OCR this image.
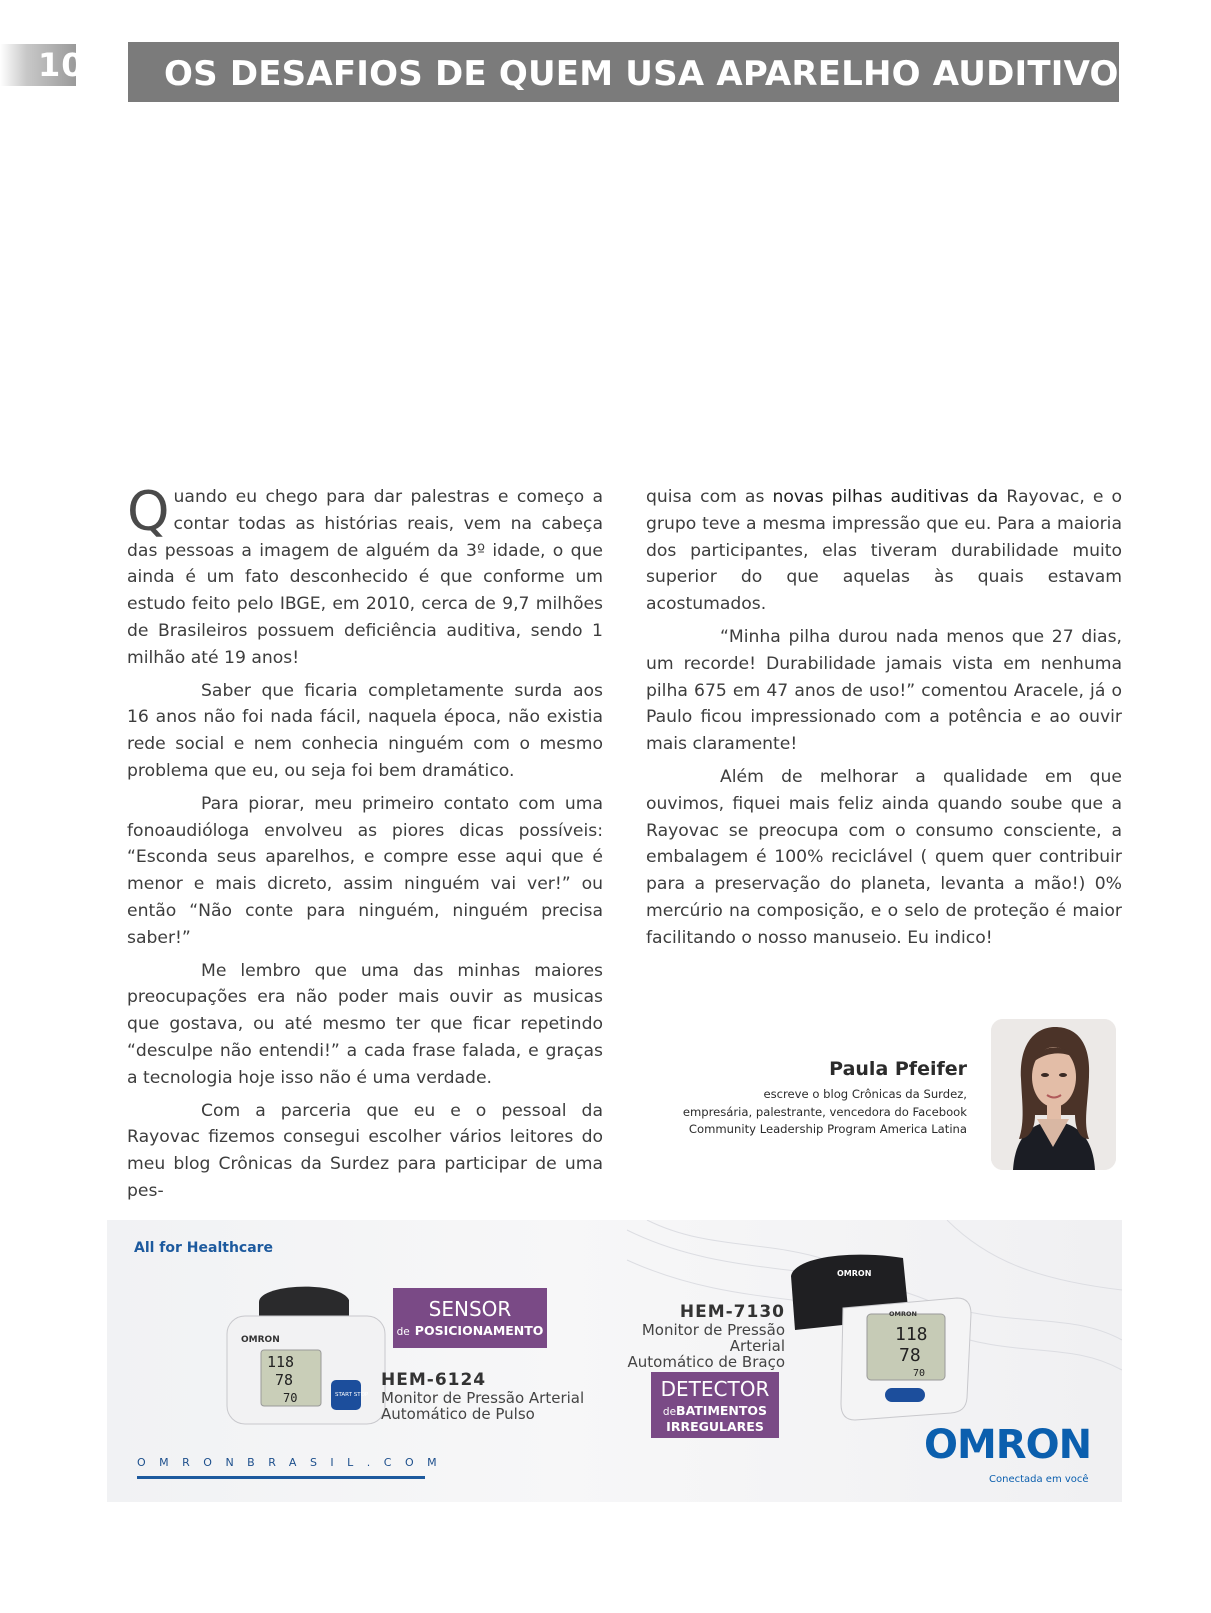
10 OS DESAFIOS DE QUEM USA APARELHO AUDITIVO

Quando eu chego para dar palestras e começo a contar todas as histórias reais, vem na cabeça das pessoas a imagem de alguém da 3º idade, o que ainda é um fato desconhecido é que conforme um estudo feito pelo IBGE, em 2010, cerca de 9,7 milhões de Brasileiros possuem deficiência auditiva, sendo 1 milhão até 19 anos!

Saber que ficaria completamente surda aos 16 anos não foi nada fácil, naquela época, não existia rede social e nem conhecia ninguém com o mesmo problema que eu, ou seja foi bem dramático.

Para piorar, meu primeiro contato com uma fonoaudióloga envolveu as piores dicas possíveis: “Esconda seus aparelhos, e compre esse aqui que é menor e mais dicreto, assim ninguém vai ver!” ou então “Não conte para ninguém, ninguém precisa saber!”

Me lembro que uma das minhas maiores preocupações era não poder mais ouvir as musicas que gostava, ou até mesmo ter que ficar repetindo “desculpe não entendi!” a cada frase falada, e graças a tecnologia hoje isso não é uma verdade.

Com a parceria que eu e o pessoal da Rayovac fizemos consegui escolher vários leitores do meu blog Crônicas da Surdez para participar de uma pes-

quisa com as novas pilhas auditivas da Rayovac, e o grupo teve a mesma impressão que eu. Para a maioria dos participantes, elas tiveram durabilidade muito superior do que aquelas às quais estavam acostumados.

“Minha pilha durou nada menos que 27 dias, um recorde! Durabilidade jamais vista em nenhuma pilha 675 em 47 anos de uso!” comentou Aracele, já o Paulo ficou impressionado com a potência e ao ouvir mais claramente!

Além de melhorar a qualidade em que ouvimos, fiquei mais feliz ainda quando soube que a Rayovac se preocupa com o consumo consciente, a embalagem é 100% reciclável ( quem quer contribuir para a preservação do planeta, levanta a mão!) 0% mercúrio na composição, e o selo de proteção é maior facilitando o nosso manuseio. Eu indico!

Paula Pfeifer
escreve o blog Crônicas da Surdez,
empresária, palestrante, vencedora do Facebook
Community Leadership Program America Latina
All for Healthcare
OMRON
118
78
70	START STOP
SENSOR
de POSICIONAMENTO
HEM-6124
Monitor de Pressão Arterial
Automático de Pulso
HEM-7130
Monitor de Pressão Arterial
Automático de Braço
DETECTOR
deBATIMENTOS
IRREGULARES
OMRON
OMRON
118
78
70
OMRON
Conectada em você
OMRONBRASIL.COM
